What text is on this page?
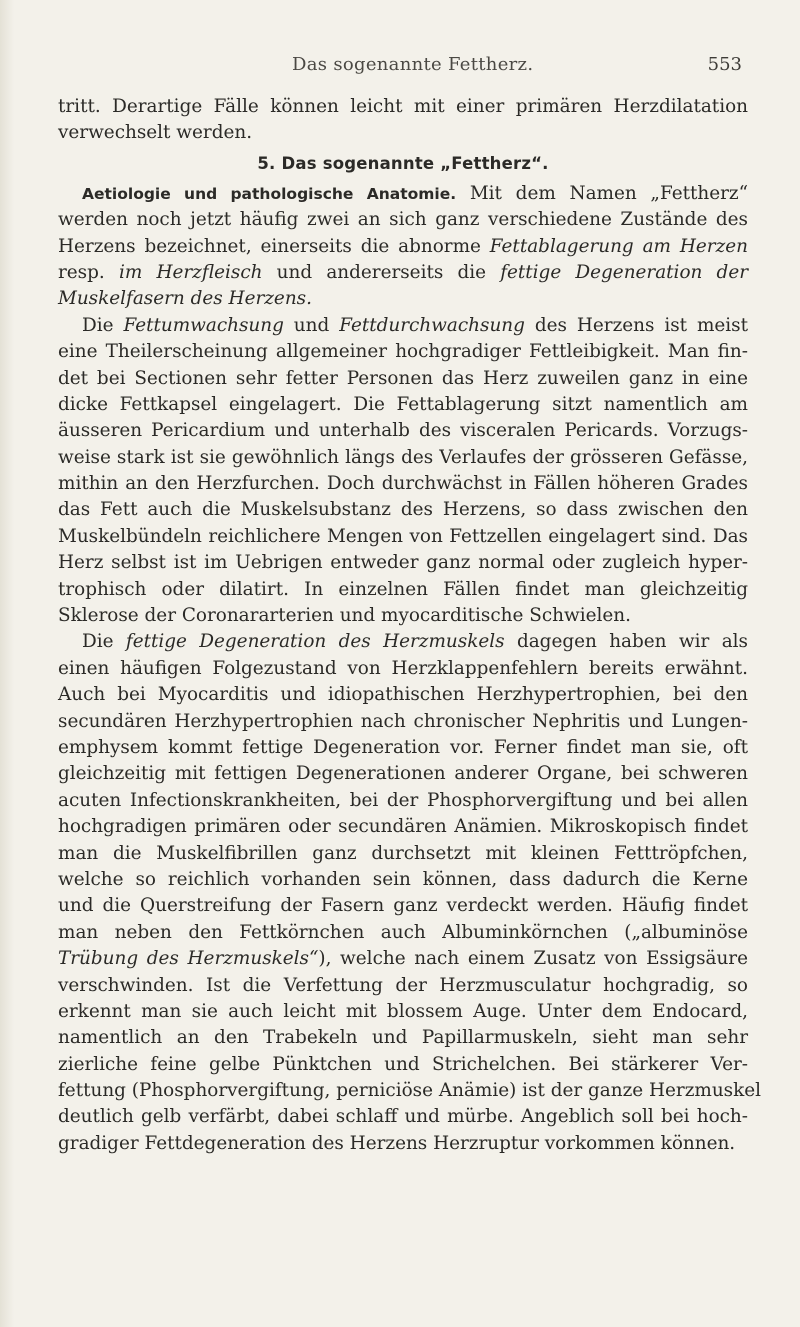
Das sogenannte Fettherz.	553
tritt. Derartige Fälle können leicht mit einer primären Herzdilatation
verwechselt werden.
5. Das sogenannte „Fettherz“.
Aetiologie und pathologische Anatomie. Mit dem Namen „Fettherz“
werden noch jetzt häufig zwei an sich ganz verschiedene Zustände des
Herzens bezeichnet, einerseits die abnorme Fettablagerung am Herzen
resp. im Herzfleisch und andererseits die fettige Degeneration der
Muskelfasern des Herzens.
Die Fettumwachsung und Fettdurchwachsung des Herzens ist meist
eine Theilerscheinung allgemeiner hochgradiger Fettleibigkeit. Man fin-
det bei Sectionen sehr fetter Personen das Herz zuweilen ganz in eine
dicke Fettkapsel eingelagert. Die Fettablagerung sitzt namentlich am
äusseren Pericardium und unterhalb des visceralen Pericards. Vorzugs-
weise stark ist sie gewöhnlich längs des Verlaufes der grösseren Gefässe,
mithin an den Herzfurchen. Doch durchwächst in Fällen höheren Grades
das Fett auch die Muskelsubstanz des Herzens, so dass zwischen den
Muskelbündeln reichlichere Mengen von Fettzellen eingelagert sind. Das
Herz selbst ist im Uebrigen entweder ganz normal oder zugleich hyper-
trophisch oder dilatirt. In einzelnen Fällen findet man gleichzeitig
Sklerose der Coronararterien und myocarditische Schwielen.
Die fettige Degeneration des Herzmuskels dagegen haben wir als
einen häufigen Folgezustand von Herzklappenfehlern bereits erwähnt.
Auch bei Myocarditis und idiopathischen Herzhypertrophien, bei den
secundären Herzhypertrophien nach chronischer Nephritis und Lungen-
emphysem kommt fettige Degeneration vor. Ferner findet man sie, oft
gleichzeitig mit fettigen Degenerationen anderer Organe, bei schweren
acuten Infectionskrankheiten, bei der Phosphorvergiftung und bei allen
hochgradigen primären oder secundären Anämien. Mikroskopisch findet
man die Muskelfibrillen ganz durchsetzt mit kleinen Fetttröpfchen,
welche so reichlich vorhanden sein können, dass dadurch die Kerne
und die Querstreifung der Fasern ganz verdeckt werden. Häufig findet
man neben den Fettkörnchen auch Albuminkörnchen („albuminöse
Trübung des Herzmuskels“), welche nach einem Zusatz von Essigsäure
verschwinden. Ist die Verfettung der Herzmusculatur hochgradig, so
erkennt man sie auch leicht mit blossem Auge. Unter dem Endocard,
namentlich an den Trabekeln und Papillarmuskeln, sieht man sehr
zierliche feine gelbe Pünktchen und Strichelchen. Bei stärkerer Ver-
fettung (Phosphorvergiftung, perniciöse Anämie) ist der ganze Herzmuskel
deutlich gelb verfärbt, dabei schlaff und mürbe. Angeblich soll bei hoch-
gradiger Fettdegeneration des Herzens Herzruptur vorkommen können.
